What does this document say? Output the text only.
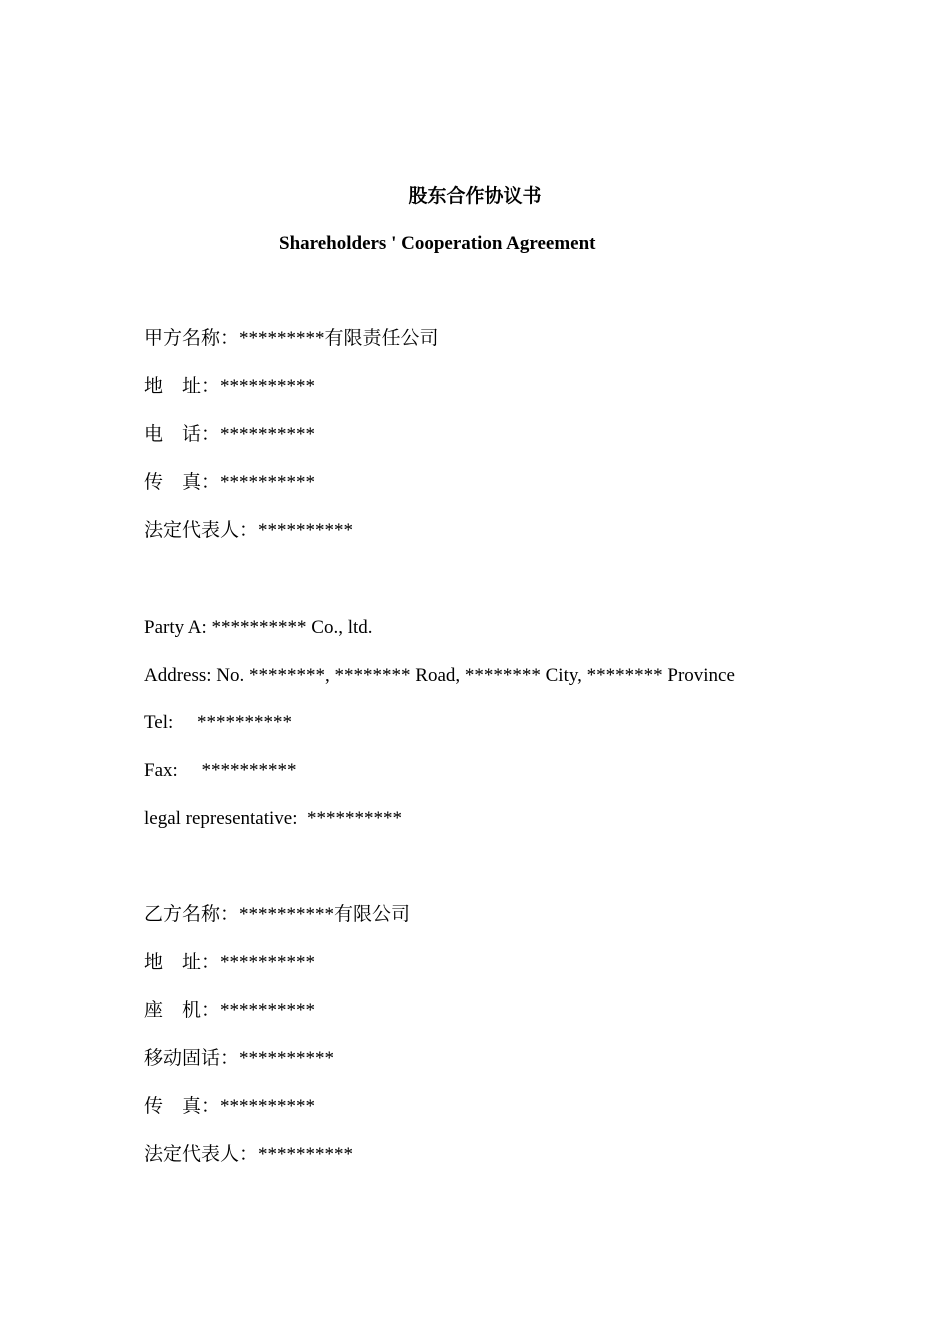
股东合作协议书
Shareholders ' Cooperation Agreement
甲方名称：*********有限责任公司
地    址：**********
电    话：**********
传    真：**********
法定代表人：**********
Party A: ********** Co., ltd.
Address: No. ********, ******** Road, ******** City, ******** Province
Tel:     **********
Fax:     **********
legal representative:  **********
乙方名称：**********有限公司
地    址：**********
座    机：**********
移动固话：**********
传    真：**********
法定代表人：**********
